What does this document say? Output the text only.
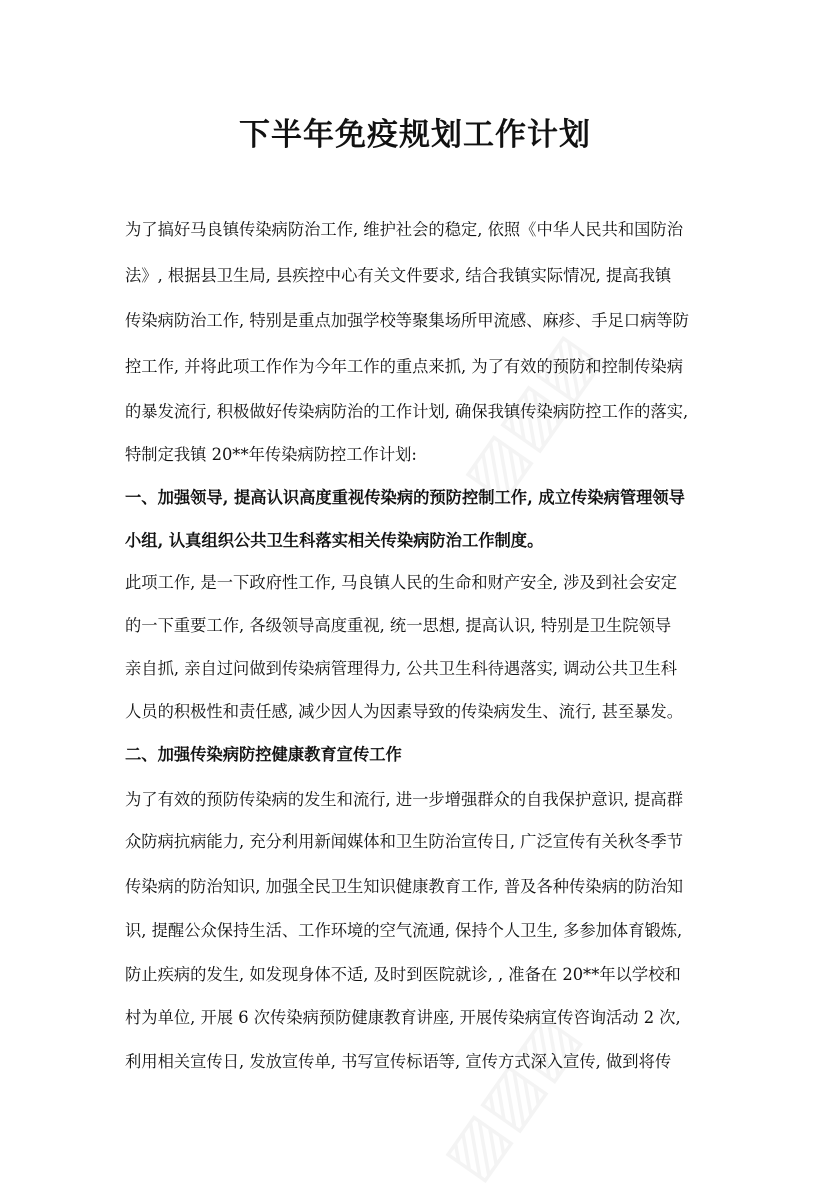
下半年免疫规划工作计划

为了搞好马良镇传染病防治工作, 维护社会的稳定, 依照《中华人民共和国防治

法》, 根据县卫生局, 县疾控中心有关文件要求, 结合我镇实际情况, 提高我镇

传染病防治工作, 特别是重点加强学校等聚集场所甲流感、麻疹、手足口病等防

控工作, 并将此项工作作为今年工作的重点来抓, 为了有效的预防和控制传染病

的暴发流行, 积极做好传染病防治的工作计划, 确保我镇传染病防控工作的落实,

特制定我镇 20**年传染病防控工作计划:

一、加强领导, 提高认识高度重视传染病的预防控制工作, 成立传染病管理领导

小组, 认真组织公共卫生科落实相关传染病防治工作制度。

此项工作, 是一下政府性工作, 马良镇人民的生命和财产安全, 涉及到社会安定

的一下重要工作, 各级领导高度重视, 统一思想, 提高认识, 特别是卫生院领导

亲自抓, 亲自过问做到传染病管理得力, 公共卫生科待遇落实, 调动公共卫生科

人员的积极性和责任感, 减少因人为因素导致的传染病发生、流行, 甚至暴发。

二、加强传染病防控健康教育宣传工作

为了有效的预防传染病的发生和流行, 进一步增强群众的自我保护意识, 提高群

众防病抗病能力, 充分利用新闻媒体和卫生防治宣传日, 广泛宣传有关秋冬季节

传染病的防治知识, 加强全民卫生知识健康教育工作, 普及各种传染病的防治知

识, 提醒公众保持生活、工作环境的空气流通, 保持个人卫生, 多参加体育锻炼,

防止疾病的发生, 如发现身体不适, 及时到医院就诊, , 准备在 20**年以学校和

村为单位, 开展 6 次传染病预防健康教育讲座, 开展传染病宣传咨询活动 2 次,

利用相关宣传日, 发放宣传单, 书写宣传标语等, 宣传方式深入宣传, 做到将传
